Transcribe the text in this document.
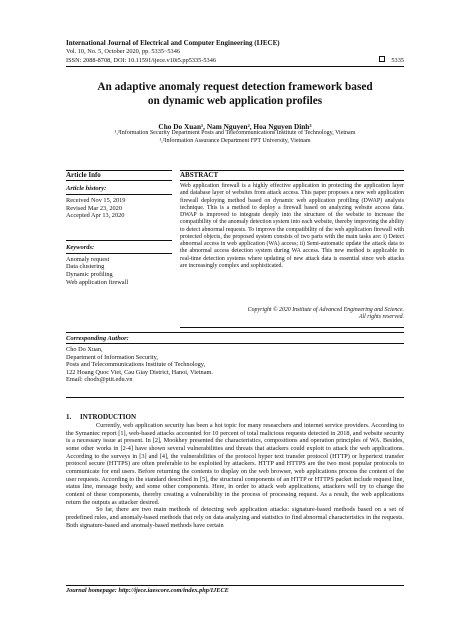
International Journal of Electrical and Computer Engineering (IJECE)
Vol. 10, No. 5, October 2020, pp. 5335~5346
ISSN: 2088-8708, DOI: 10.11591/ijece.v10i5.pp5335-5346	5335
An adaptive anomaly request detection framework based
on dynamic web application profiles
Cho Do Xuan¹, Nam Nguyen², Hoa Nguyen Dinh³
¹,³Information Security Department Posts and Telecommunications Institute of Technology, Vietnam
¹,²Information Assurance Department FPT University, Vietnam
Article Info	ABSTRACT
Article history:
Received Nov 15, 2019
Revised Mar 23, 2020
Accepted Apr 13, 2020
Keywords:
Anomaly request
Data clustering
Dynamic profiling
Web application firewall
Web application firewall is a highly effective application in protecting the application layer and database layer of websites from attack access. This paper proposes a new web application firewall deploying method based on dynamic web application profiling (DWAP) analysis technique. This is a method to deploy a firewall based on analyzing website access data. DWAP is improved to integrate deeply into the structure of the website to increase the compatibility of the anomaly detection system into each website, thereby improving the ability to detect abnormal requests. To improve the compatibility of the web application firewall with protected objects, the proposed system consists of two parts with the main tasks are: i) Detect abnormal access in web application (WA) access; ii) Semi-automatic update the attack data to the abnormal access detection system during WA access. This new method is applicable in real-time detection systems where updating of new attack data is essential since web attacks are increasingly complex and sophisticated.
Copyright © 2020 Institute of Advanced Engineering and Science.
All rights reserved.
Corresponding Author:
Cho Do Xuan,
Department of Information Security,
Posts and Telecommunications Institute of Technology,
122 Hoang Quoc Viet, Cau Giay District, Hanoi, Vietnam.
Email: chodx@ptit.edu.vn
1. INTRODUCTION

Currently, web application security has been a hot topic for many researchers and internet service providers. According to the Symantec report [1], web-based attacks accounted for 10 percent of total malicious requests detected in 2018, and website security is a necessary issue at present. In [2], Mookhey presented the characteristics, compositions and operation principles of WA. Besides, some other works in [2-4] have shown several vulnerabilities and threats that attackers could exploit to attack the web applications. According to the surveys in [3] and [4], the vulnerabilities of the protocol hyper text transfer protocol (HTTP) or hypertext transfer protocol secure (HTTPS) are often preferable to be exploited by attackers. HTTP and HTTPS are the two most popular protocols to communicate for end users. Before returning the contents to display on the web browser, web applications process the content of the user requests. According to the standard described in [5], the structural components of an HTTP or HTTPS packet include request line, status line, message body, and some other components. Here, in order to attack web applications, attackers will try to change the content of these components, thereby creating a vulnerability in the process of processing request. As a result, the web applications return the outputs as attacker desired.

So far, there are two main methods of detecting web application attacks: signature-based methods based on a set of predefined rules, and anomaly-based methods that rely on data analyzing and statistics to find abnormal characteristics in the requests. Both signature-based and anomaly-based methods have certain

Journal homepage: http://ijece.iaescore.com/index.php/IJECE
